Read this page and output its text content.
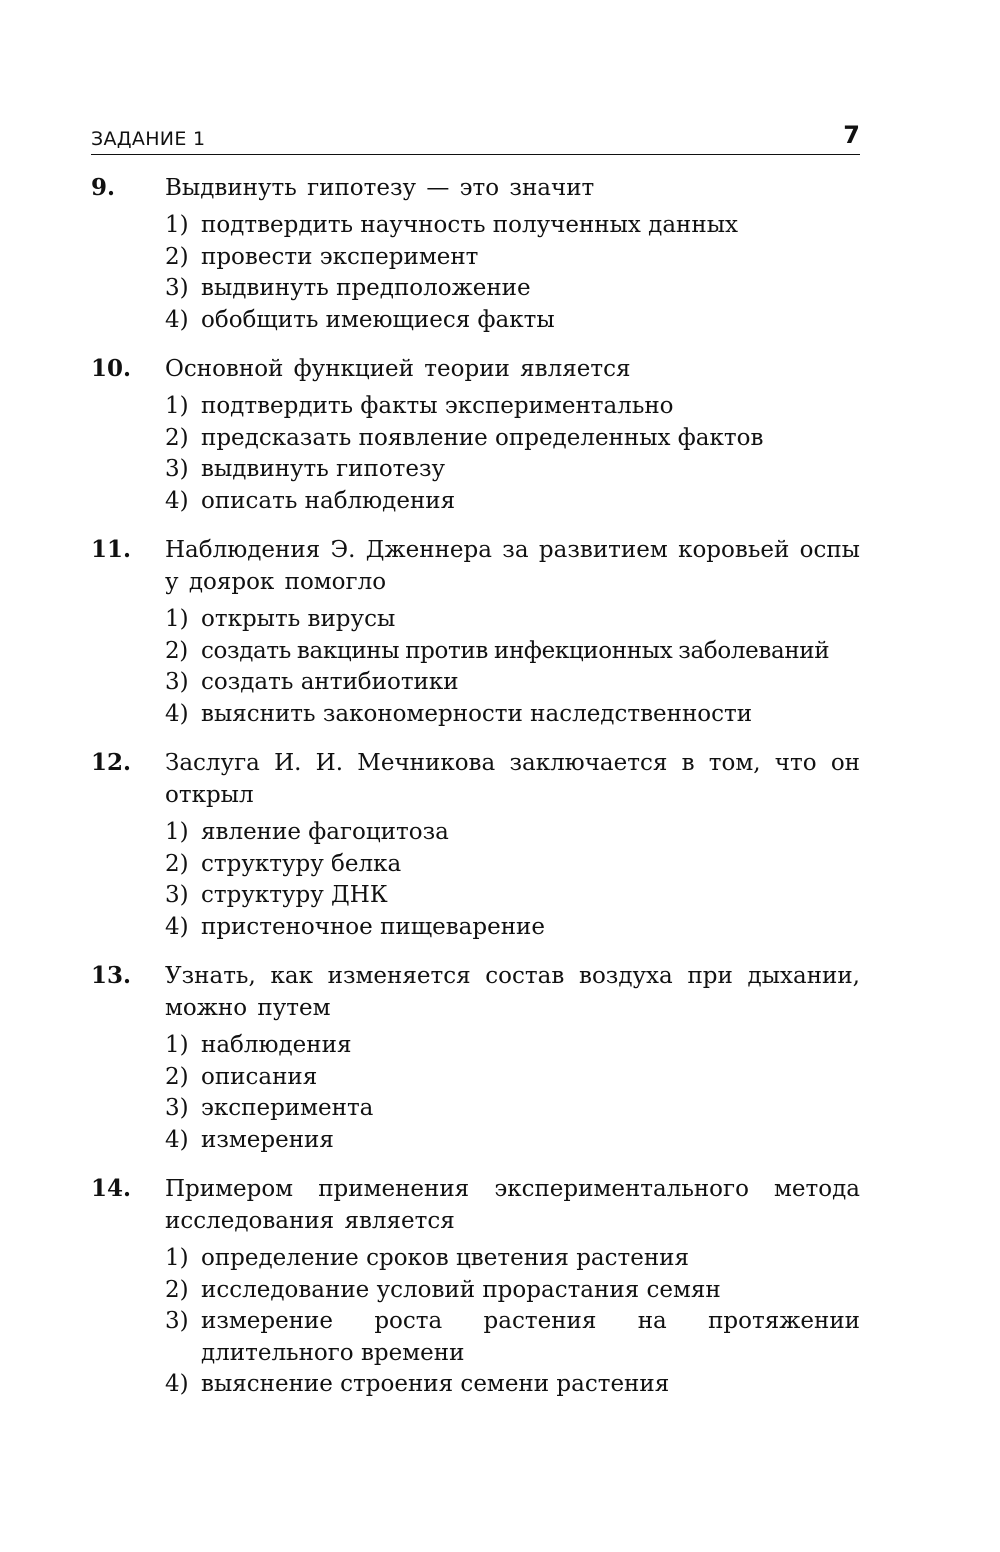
ЗАДАНИЕ 1	7
9. Выдвинуть гипотезу — это значит
1) подтвердить научность полученных данных
2) провести эксперимент
3) выдвинуть предположение
4) обобщить имеющиеся факты
10. Основной функцией теории является
1) подтвердить факты экспериментально
2) предсказать появление определенных фактов
3) выдвинуть гипотезу
4) описать наблюдения
11. Наблюдения Э. Дженнера за развитием коровьей оспы у доярок помогло
1) открыть вирусы
2) создать вакцины против инфекционных заболеваний
3) создать антибиотики
4) выяснить закономерности наследственности
12. Заслуга И. И. Мечникова заключается в том, что он открыл
1) явление фагоцитоза
2) структуру белка
3) структуру ДНК
4) пристеночное пищеварение
13. Узнать, как изменяется состав воздуха при дыхании, можно путем
1) наблюдения
2) описания
3) эксперимента
4) измерения
14. Примером применения экспериментального метода исследования является
1) определение сроков цветения растения
2) исследование условий прорастания семян
3) измерение роста растения на протяжении длительного времени
4) выяснение строения семени растения
